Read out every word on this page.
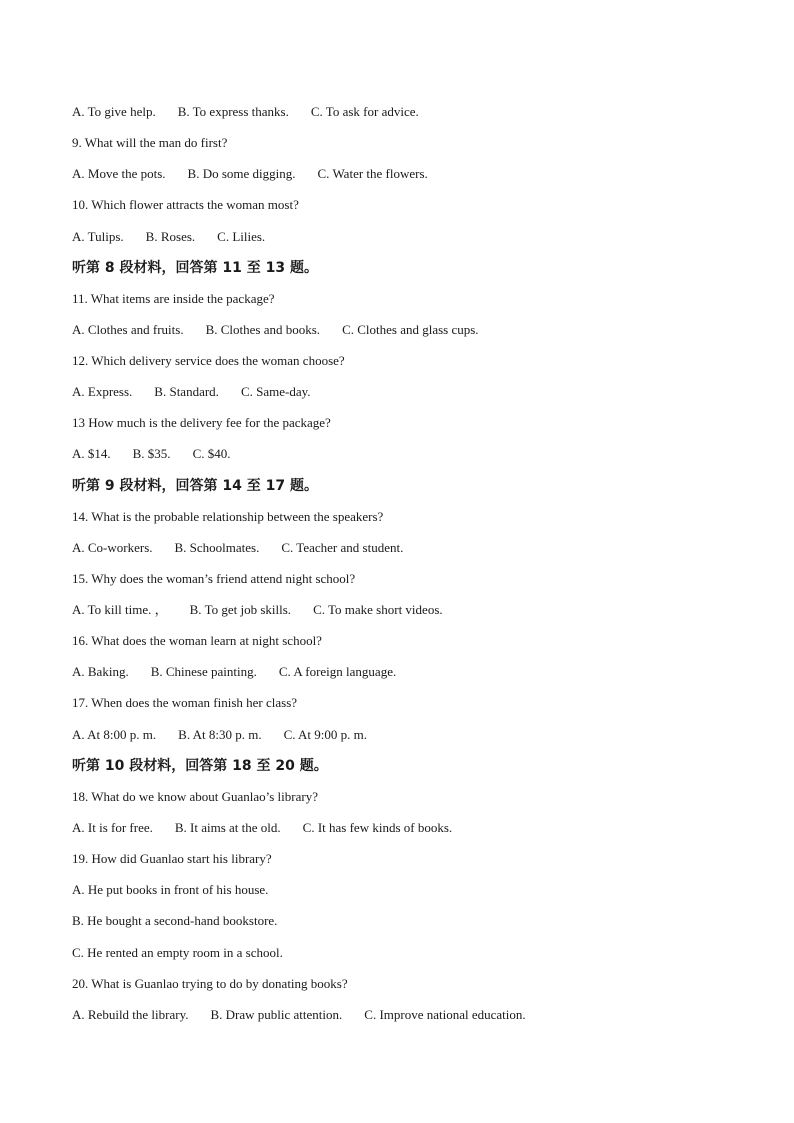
A. To give help. B. To express thanks. C. To ask for advice.
9. What will the man do first?
A. Move the pots. B. Do some digging. C. Water the flowers.
10. Which flower attracts the woman most?
A. Tulips. B. Roses. C. Lilies.
听第 8 段材料，回答第 11 至 13 题。
11. What items are inside the package?
A. Clothes and fruits. B. Clothes and books. C. Clothes and glass cups.
12. Which delivery service does the woman choose?
A. Express. B. Standard. C. Same-day.
13 How much is the delivery fee for the package?
A. $14. B. $35. C. $40.
听第 9 段材料，回答第 14 至 17 题。
14. What is the probable relationship between the speakers?
A. Co-workers. B. Schoolmates. C. Teacher and student.
15. Why does the woman’s friend attend night school?
A. To kill time. ， B. To get job skills. C. To make short videos.
16. What does the woman learn at night school?
A. Baking. B. Chinese painting. C. A foreign language.
17. When does the woman finish her class?
A. At 8:00 p. m. B. At 8:30 p. m. C. At 9:00 p. m.
听第 10 段材料，回答第 18 至 20 题。
18. What do we know about Guanlao’s library?
A. It is for free. B. It aims at the old. C. It has few kinds of books.
19. How did Guanlao start his library?
A. He put books in front of his house.
B. He bought a second-hand bookstore.
C. He rented an empty room in a school.
20. What is Guanlao trying to do by donating books?
A. Rebuild the library. B. Draw public attention. C. Improve national education.
